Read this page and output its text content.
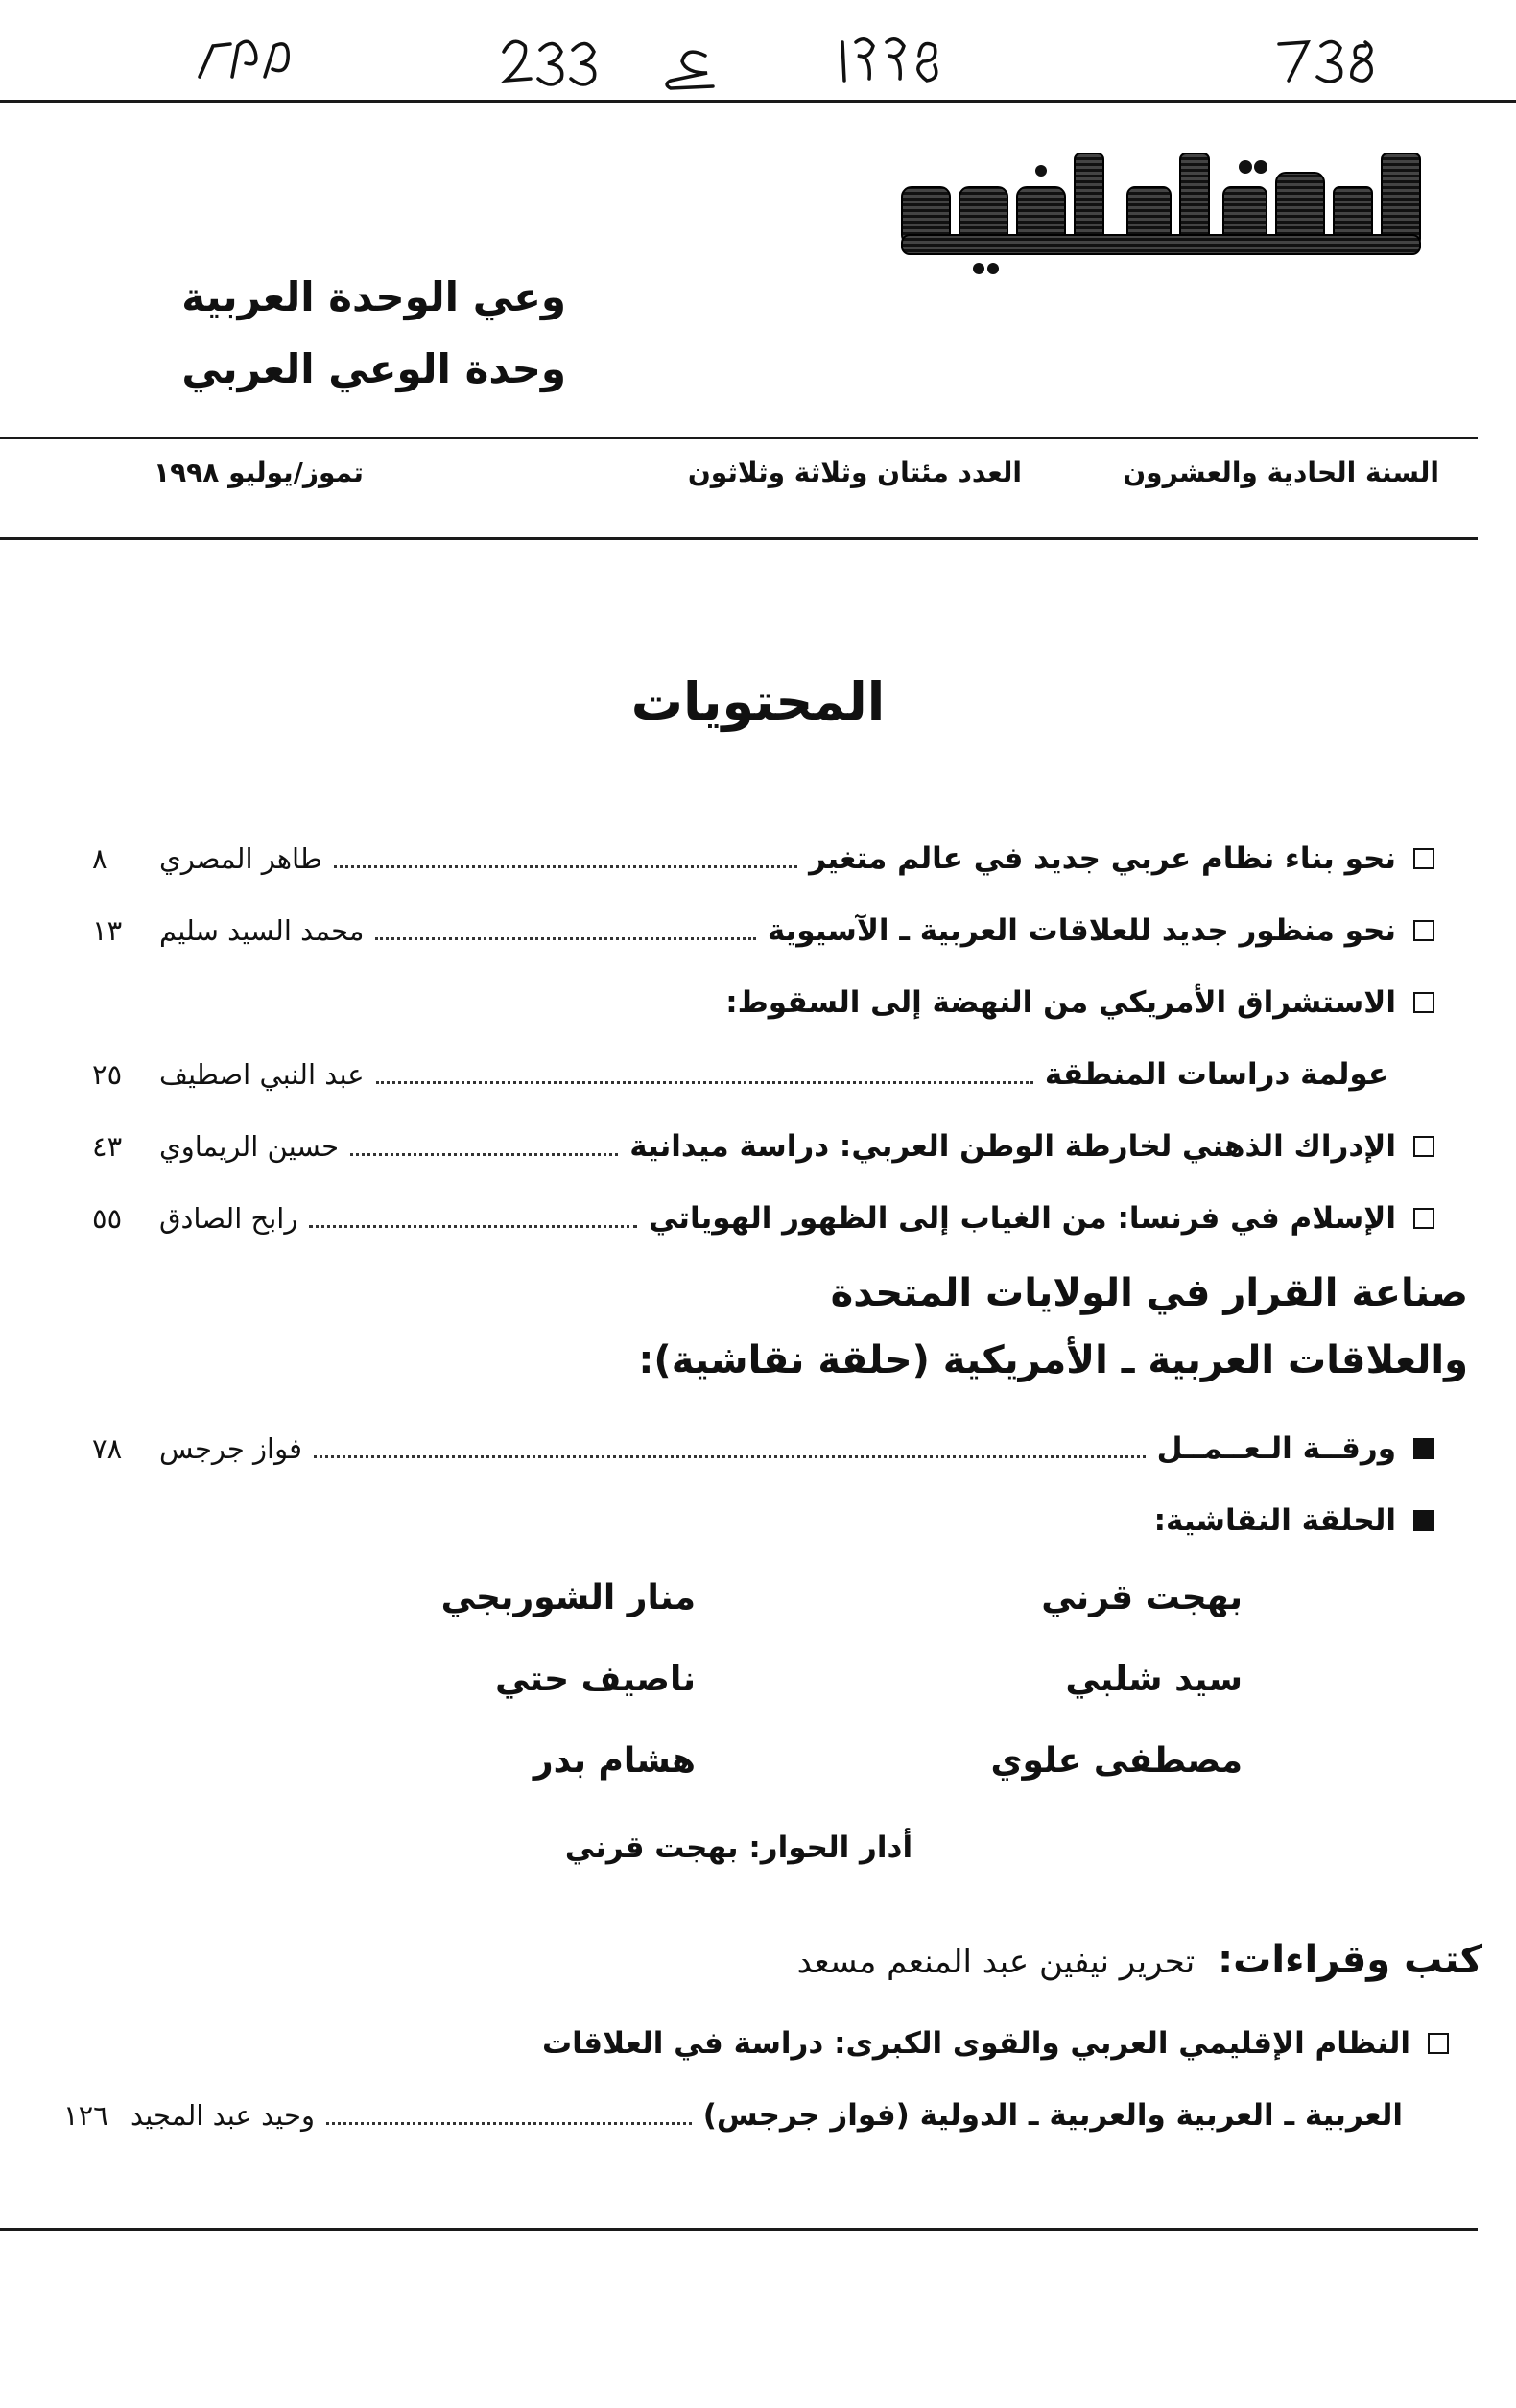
وعي الوحدة العربية
وحدة الوعي العربي
السنة الحادية والعشرون
العدد مئتان وثلاثة وثلاثون
تموز/يوليو ١٩٩٨
المحتويات
نحو بناء نظام عربي جديد في عالم متغير
طاهر المصري
٨
نحو منظور جديد للعلاقات العربية ـ الآسيوية
محمد السيد سليم
١٣
الاستشراق الأمريكي من النهضة إلى السقوط:
عولمة دراسات المنطقة
عبد النبي اصطيف
٢٥
الإدراك الذهني لخارطة الوطن العربي: دراسة ميدانية
حسين الريماوي
٤٣
الإسلام في فرنسا: من الغياب إلى الظهور الهوياتي
رابح الصادق
٥٥
صناعة القرار في الولايات المتحدة
والعلاقات العربية ـ الأمريكية (حلقة نقاشية):
ورقــة الـعــمــل
فواز جرجس
٧٨
الحلقة النقاشية:
بهجت قرني
سيد شلبي
مصطفى علوي
منار الشوربجي
ناصيف حتي
هشام بدر
أدار الحوار: بهجت قرني
كتب وقراءات: تحرير نيفين عبد المنعم مسعد
النظام الإقليمي العربي والقوى الكبرى: دراسة في العلاقات
العربية ـ العربية والعربية ـ الدولية (فواز جرجس)
وحيد عبد المجيد
١٢٦
